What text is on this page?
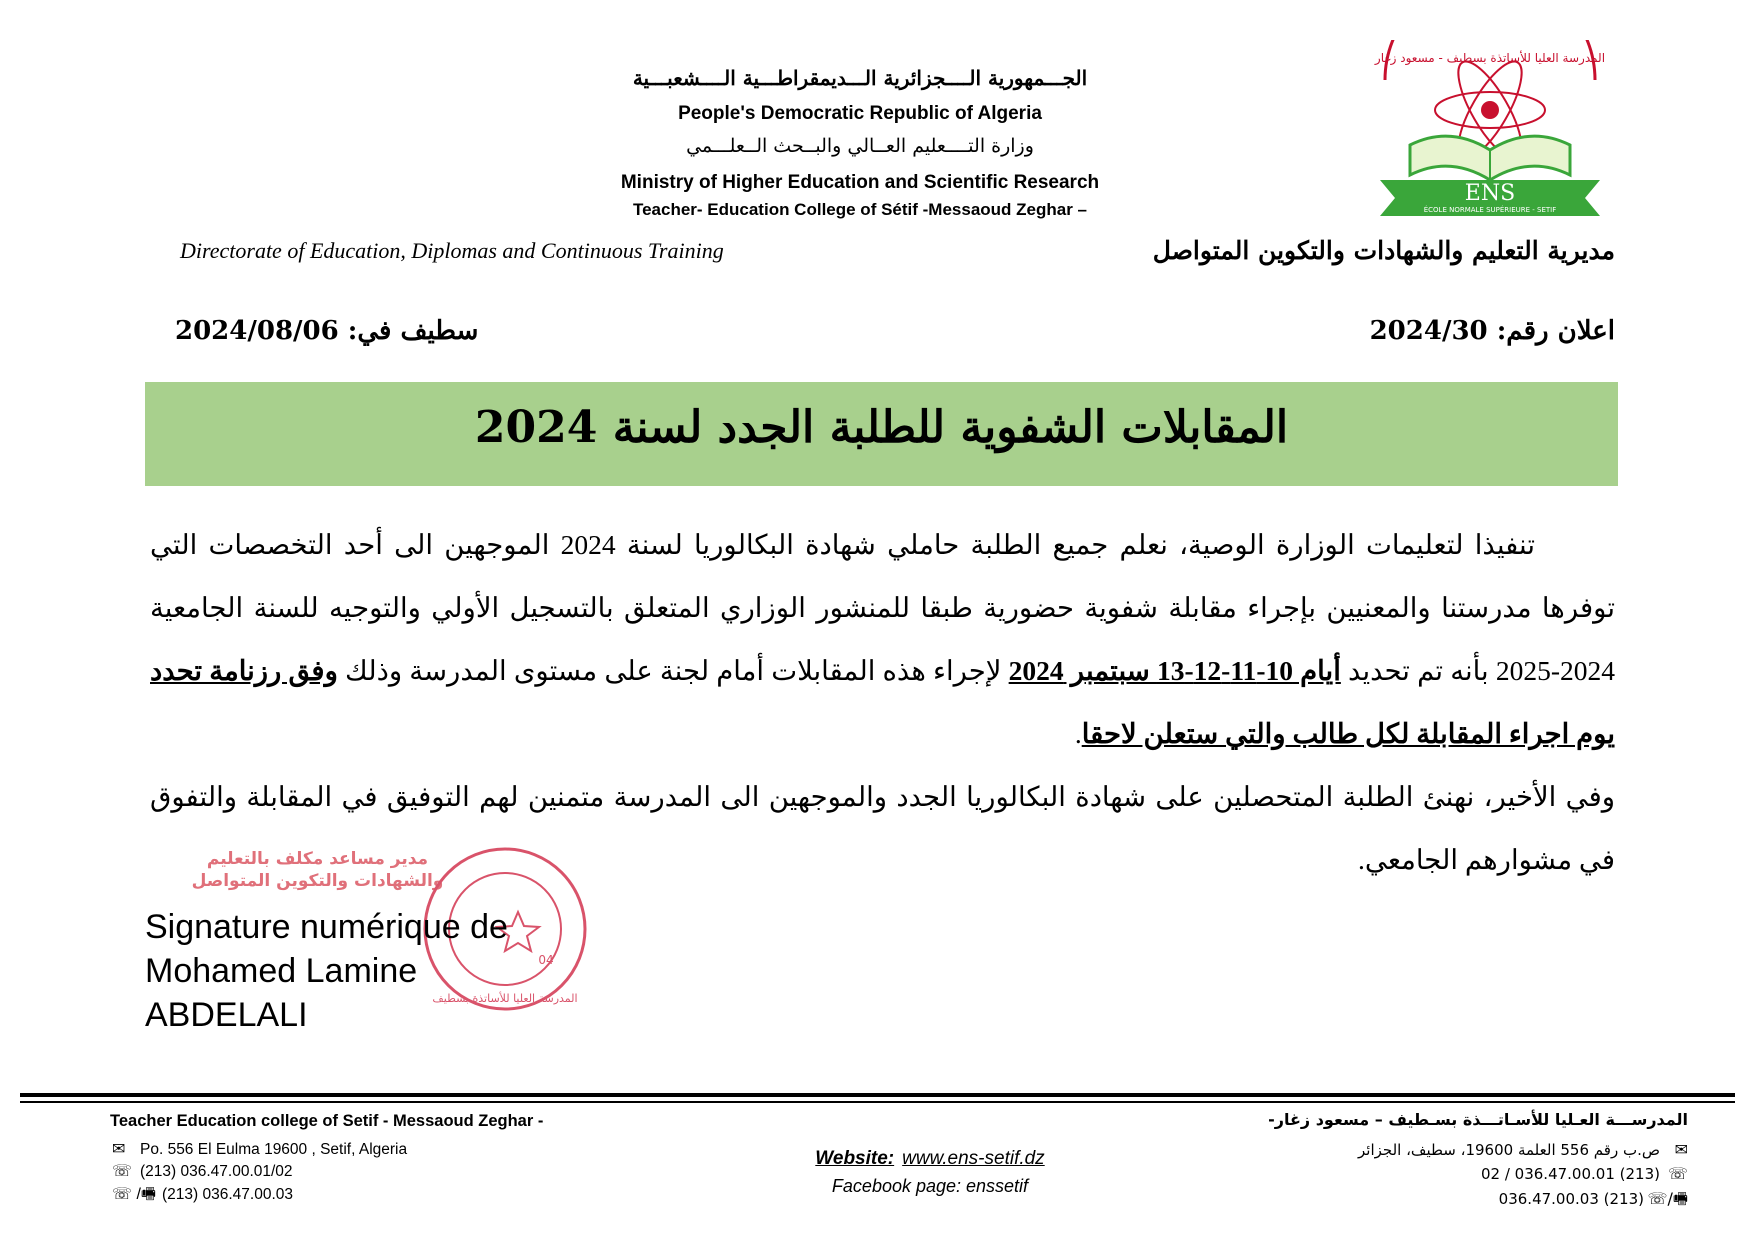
المدرسة العليا للأساتذة بسطيف - مسعود زغار
ENS
ÉCOLE NORMALE SUPÉRIEURE - SETIF
الجـــمهورية الــــجزائرية الـــديمقراطـــية الــــشعبـــية
People's Democratic Republic of Algeria
وزارة التــــعليم العــالي والبــحث الــعلـــمي
Ministry of Higher Education and Scientific Research
Teacher- Education College of Sétif -Messaoud Zeghar –
Directorate of Education, Diplomas and Continuous Training	مديرية التعليم والشهادات والتكوين المتواصل
سطيف في: 2024/08/06	اعلان رقم: 2024/30
المقابلات الشفوية للطلبة الجدد لسنة 2024

تنفيذا لتعليمات الوزارة الوصية، نعلم جميع الطلبة حاملي شهادة البكالوريا لسنة 2024 الموجهين الى أحد التخصصات التي توفرها مدرستنا والمعنيين بإجراء مقابلة شفوية حضورية طبقا للمنشور الوزاري المتعلق بالتسجيل الأولي والتوجيه للسنة الجامعية 2024-2025 بأنه تم تحديد أيام 10-11-12-13 سبتمبر 2024 لإجراء هذه المقابلات أمام لجنة على مستوى المدرسة وذلك وفق رزنامة تحدد يوم اجراء المقابلة لكل طالب والتي ستعلن لاحقا.

وفي الأخير، نهنئ الطلبة المتحصلين على شهادة البكالوريا الجدد والموجهين الى المدرسة متمنين لهم التوفيق في المقابلة والتفوق في مشوارهم الجامعي.

مدير مساعد مكلف بالتعليم
والشهادات والتكوين المتواصل
المدرسة العليا للأساتذة بسطيف
04
Signature numérique de
Mohamed Lamine
ABDELALI
Teacher Education college of Setif - Messaoud Zeghar -
✉ Po. 556 El Eulma 19600 , Setif, Algeria
☏ (213) 036.47.00.01/02
☏ /🖷 (213) 036.47.00.03
Website: www.ens-setif.dz
Facebook page: enssetif
المدرســـة العـليا للأسـاتـــذة بسـطيف – مسعود زغار-
✉ص.ب رقم 556 العلمة 19600، سطيف، الجزائر
☏(213) 036.47.00.01 / 02
🖷/☏(213) 036.47.00.03
